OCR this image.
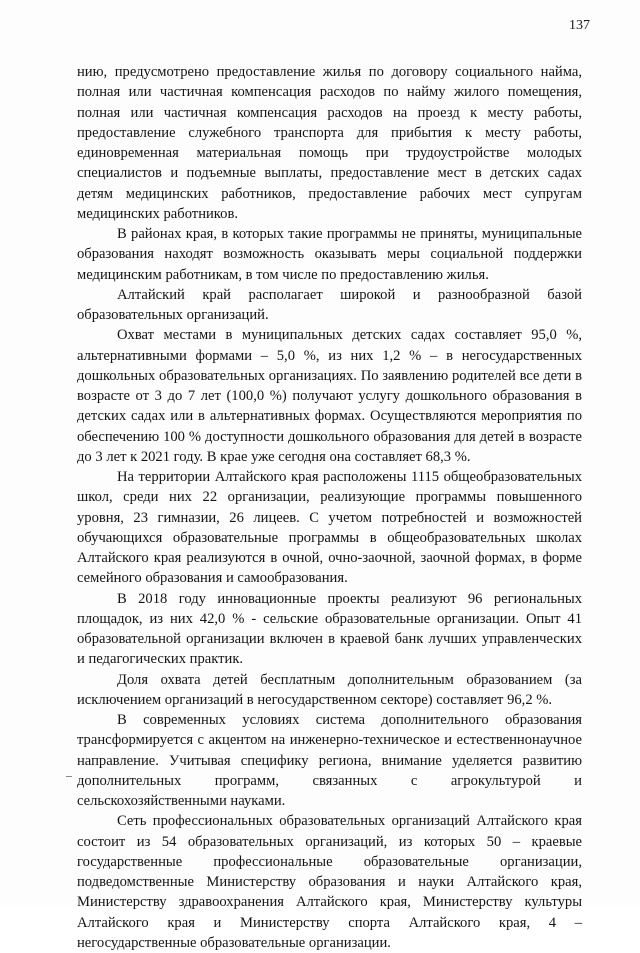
137

нию, предусмотрено предоставление жилья по договору социального найма, полная или частичная компенсация расходов по найму жилого помещения, полная или частичная компенсация расходов на проезд к месту работы, предоставление служебного транспорта для прибытия к месту работы, единовременная материальная помощь при трудоустройстве молодых специалистов и подъемные выплаты, предоставление мест в детских садах детям медицинских работников, предоставление рабочих мест супругам медицинских работников.

В районах края, в которых такие программы не приняты, муниципальные образования находят возможность оказывать меры социальной поддержки медицинским работникам, в том числе по предоставлению жилья.

Алтайский край располагает широкой и разнообразной базой образовательных организаций.

Охват местами в муниципальных детских садах составляет 95,0 %, альтернативными формами – 5,0 %, из них 1,2 % – в негосударственных дошкольных образовательных организациях. По заявлению родителей все дети в возрасте от 3 до 7 лет (100,0 %) получают услугу дошкольного образования в детских садах или в альтернативных формах. Осуществляются мероприятия по обеспечению 100 % доступности дошкольного образования для детей в возрасте до 3 лет к 2021 году. В крае уже сегодня она составляет 68,3 %.

На территории Алтайского края расположены 1115 общеобразовательных школ, среди них 22 организации, реализующие программы повышенного уровня, 23 гимназии, 26 лицеев. С учетом потребностей и возможностей обучающихся образовательные программы в общеобразовательных школах Алтайского края реализуются в очной, очно-заочной, заочной формах, в форме семейного образования и самообразования.

В 2018 году инновационные проекты реализуют 96 региональных площадок, из них 42,0 % - сельские образовательные организации. Опыт 41 образовательной организации включен в краевой банк лучших управленческих и педагогических практик.

Доля охвата детей бесплатным дополнительным образованием (за исключением организаций в негосударственном секторе) составляет 96,2 %.

В современных условиях система дополнительного образования трансформируется с акцентом на инженерно-техническое и естественнонаучное направление. Учитывая специфику региона, внимание уделяется развитию дополнительных программ, связанных с агрокультурой и сельскохозяйственными науками.

Сеть профессиональных образовательных организаций Алтайского края состоит из 54 образовательных организаций, из которых 50 – краевые государственные профессиональные образовательные организации, подведомственные Министерству образования и науки Алтайского края, Министерству здравоохранения Алтайского края, Министерству культуры Алтайского края и Министерству спорта Алтайского края, 4 – негосударственные образовательные организации.
